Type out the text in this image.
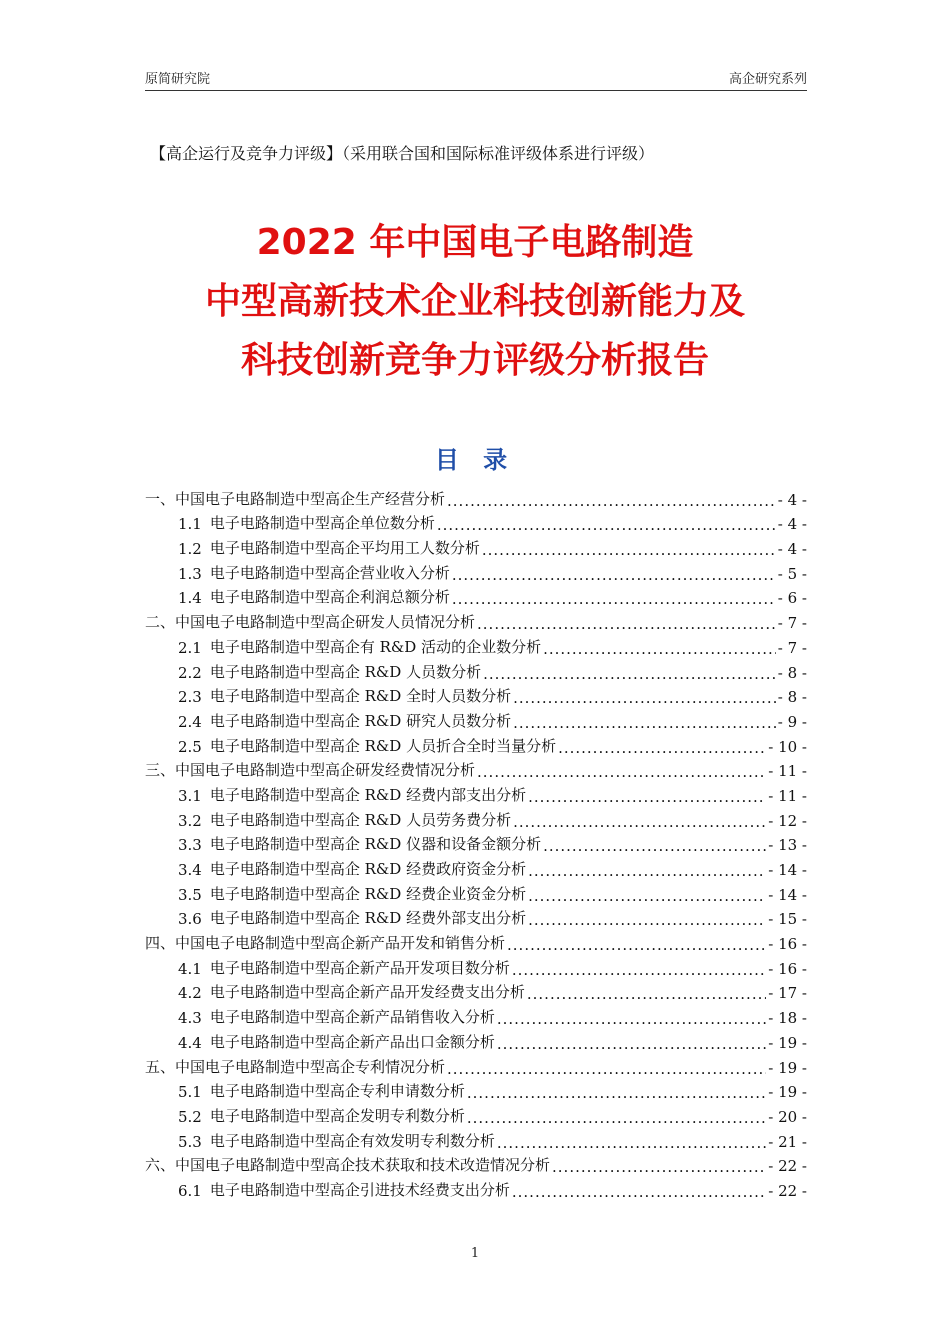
原简研究院	高企研究系列
【高企运行及竞争力评级】（采用联合国和国际标准评级体系进行评级）
2022 年中国电子电路制造
中型高新技术企业科技创新能力及
科技创新竞争力评级分析报告
目 录
一、中国电子电路制造中型高企生产经营分析 .....	- 4 -
1.1 电子电路制造中型高企单位数分析 .....	- 4 -
1.2 电子电路制造中型高企平均用工人数分析 .....	- 4 -
1.3 电子电路制造中型高企营业收入分析 .....	- 5 -
1.4 电子电路制造中型高企利润总额分析 .....	- 6 -
二、中国电子电路制造中型高企研发人员情况分析 .....	- 7 -
2.1 电子电路制造中型高企有 R&D 活动的企业数分析 .....	- 7 -
2.2 电子电路制造中型高企 R&D 人员数分析 .....	- 8 -
2.3 电子电路制造中型高企 R&D 全时人员数分析 .....	- 8 -
2.4 电子电路制造中型高企 R&D 研究人员数分析 .....	- 9 -
2.5 电子电路制造中型高企 R&D 人员折合全时当量分析 .....	- 10 -
三、中国电子电路制造中型高企研发经费情况分析 .....	- 11 -
3.1 电子电路制造中型高企 R&D 经费内部支出分析 .....	- 11 -
3.2 电子电路制造中型高企 R&D 人员劳务费分析 .....	- 12 -
3.3 电子电路制造中型高企 R&D 仪器和设备金额分析 .....	- 13 -
3.4 电子电路制造中型高企 R&D 经费政府资金分析 .....	- 14 -
3.5 电子电路制造中型高企 R&D 经费企业资金分析 .....	- 14 -
3.6 电子电路制造中型高企 R&D 经费外部支出分析 .....	- 15 -
四、中国电子电路制造中型高企新产品开发和销售分析 .....	- 16 -
4.1 电子电路制造中型高企新产品开发项目数分析 .....	- 16 -
4.2 电子电路制造中型高企新产品开发经费支出分析 .....	- 17 -
4.3 电子电路制造中型高企新产品销售收入分析 .....	- 18 -
4.4 电子电路制造中型高企新产品出口金额分析 .....	- 19 -
五、中国电子电路制造中型高企专利情况分析 .....	- 19 -
5.1 电子电路制造中型高企专利申请数分析 .....	- 19 -
5.2 电子电路制造中型高企发明专利数分析 .....	- 20 -
5.3 电子电路制造中型高企有效发明专利数分析 .....	- 21 -
六、中国电子电路制造中型高企技术获取和技术改造情况分析 .....	- 22 -
6.1 电子电路制造中型高企引进技术经费支出分析 .....	- 22 -
1
